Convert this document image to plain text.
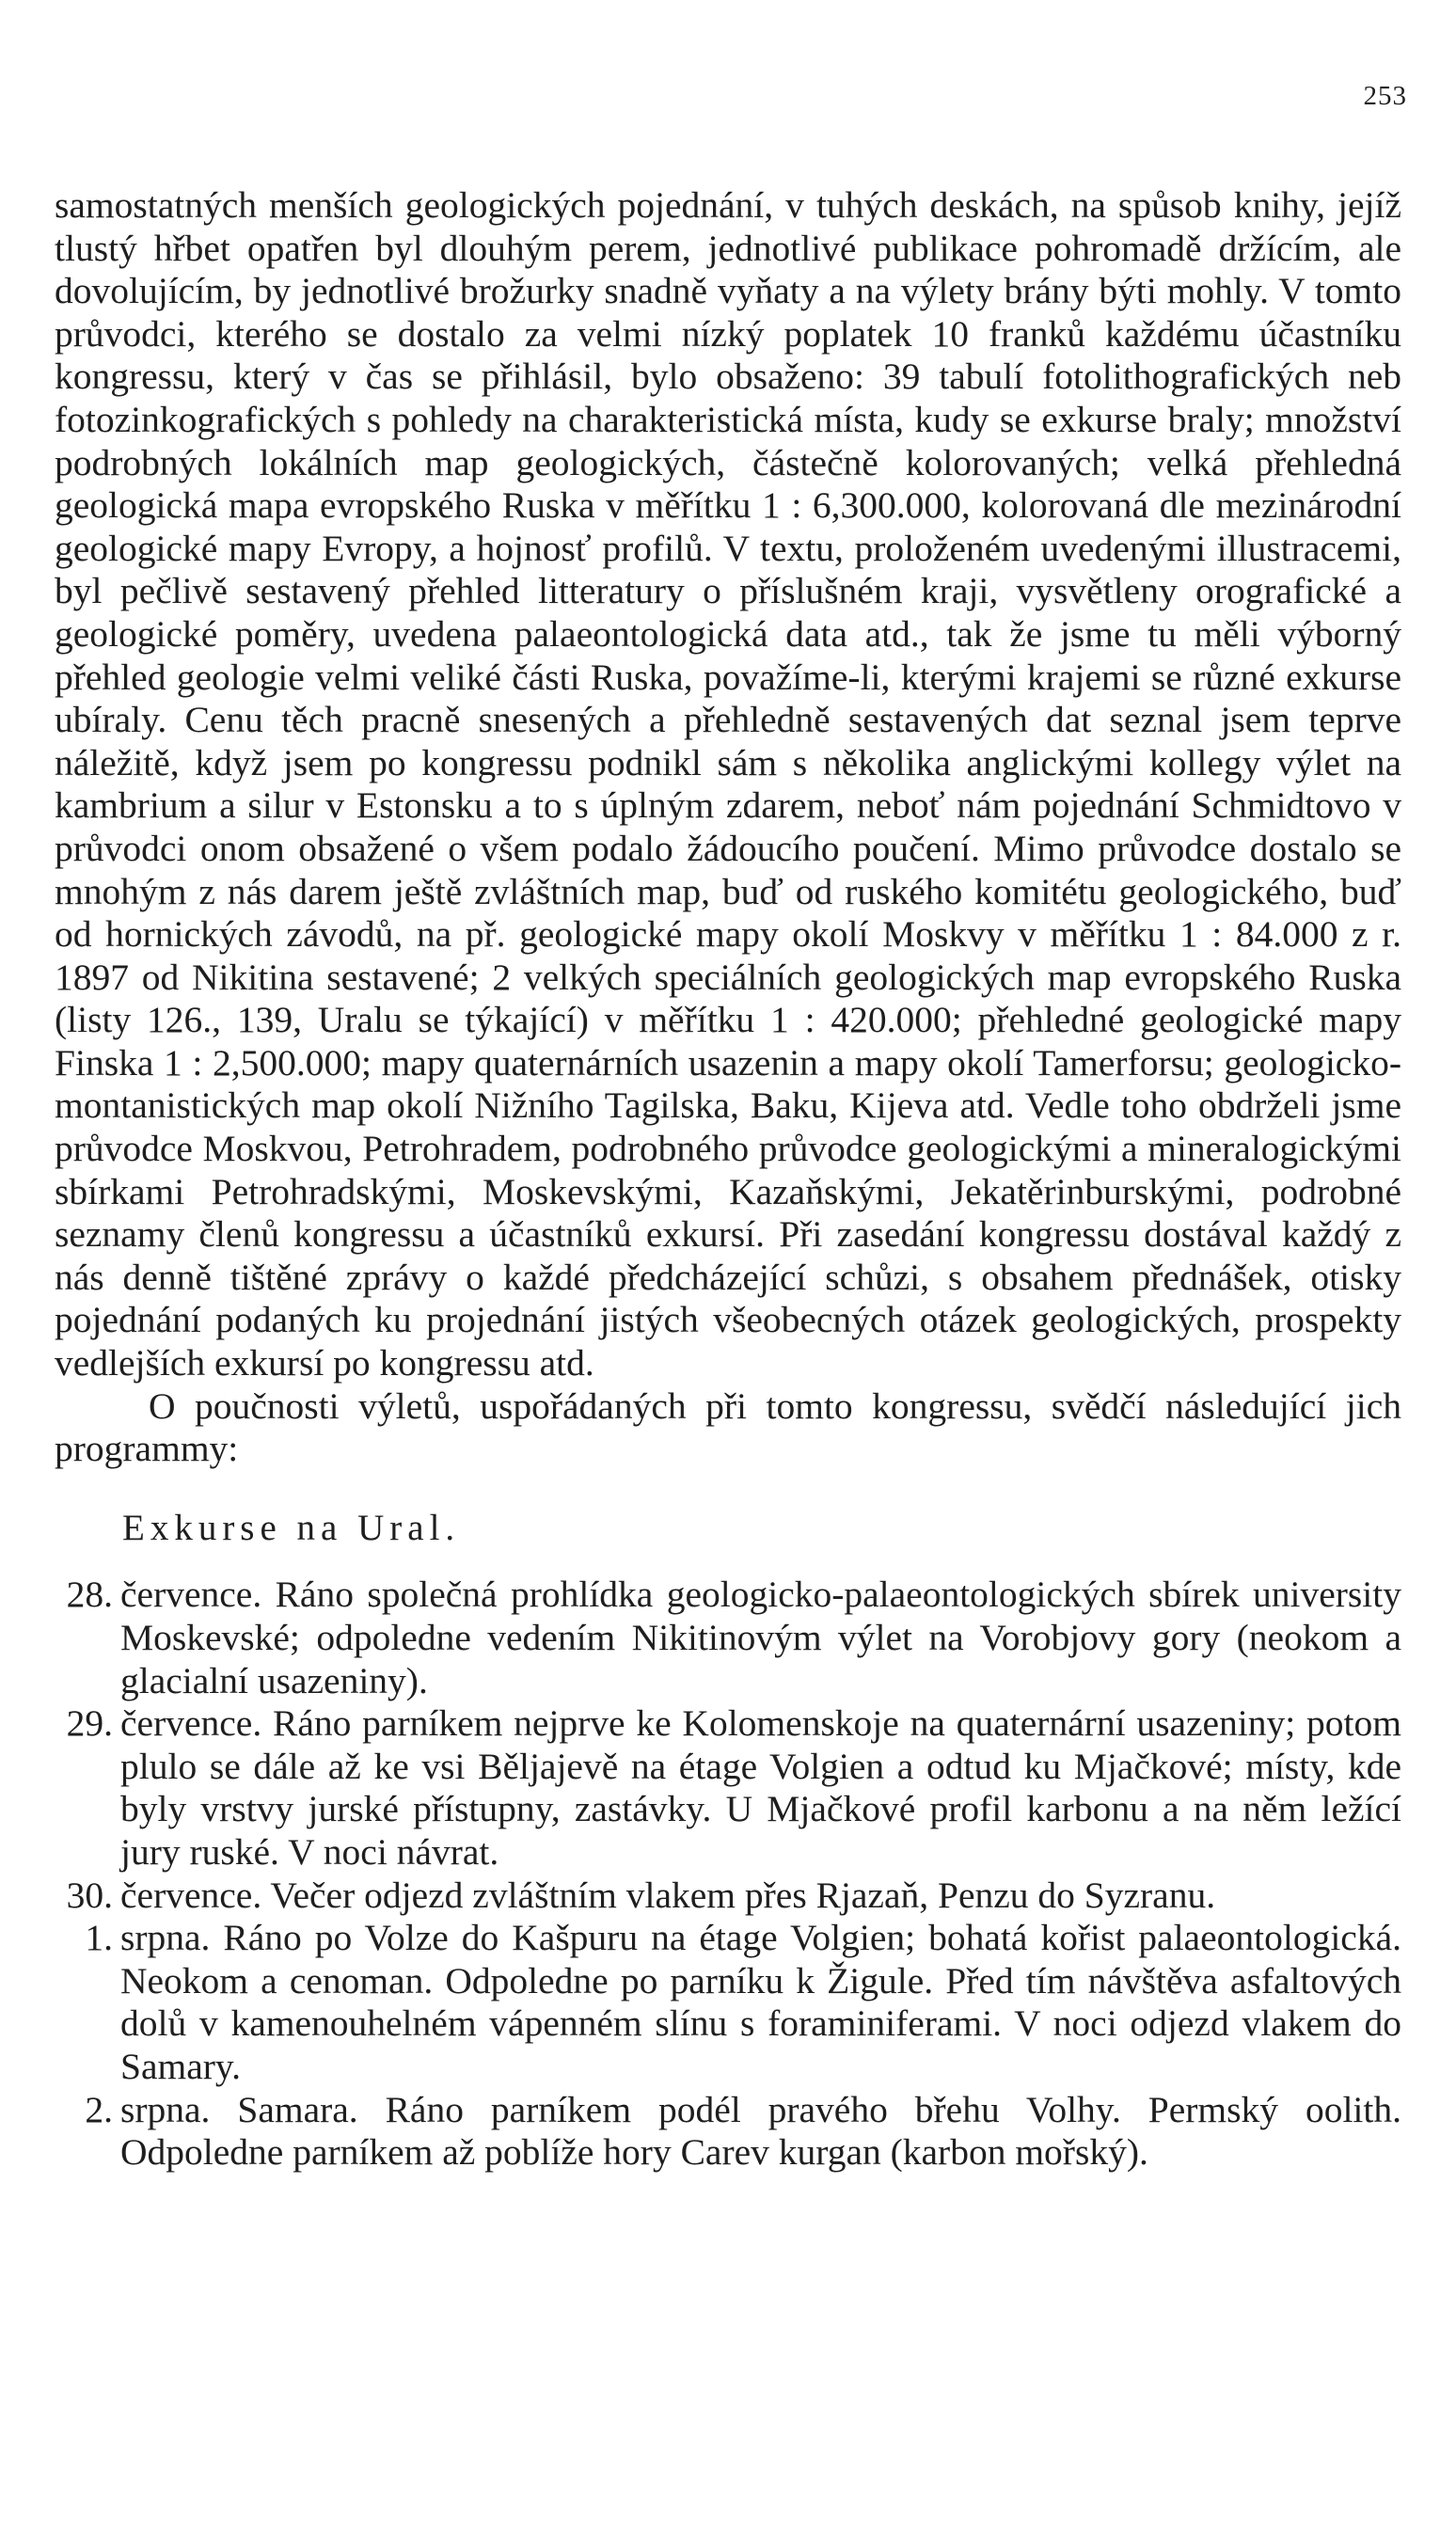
253

samostatných menších geologických pojednání, v tuhých deskách, na spůsob knihy, jejíž tlustý hřbet opatřen byl dlouhým perem, jednotlivé publikace pohromadě držícím, ale dovolujícím, by jednotlivé brožurky snadně vyňaty a na výlety brány býti mohly. V tomto průvodci, kterého se dostalo za velmi nízký poplatek 10 franků každému účastníku kongressu, který v čas se přihlásil, bylo obsaženo: 39 tabulí fotolithografických neb fotozinkografických s pohledy na charakteristická místa, kudy se exkurse braly; množství podrobných lokálních map geologických, částečně kolorovaných; velká přehledná geologická mapa evropského Ruska v měřítku 1 : 6,300.000, kolorovaná dle mezinárodní geologické mapy Evropy, a hojnosť profilů. V textu, proloženém uvedenými illustracemi, byl pečlivě sestavený přehled litteratury o příslušném kraji, vysvětleny orografické a geologické poměry, uvedena palaeontologická data atd., tak že jsme tu měli výborný přehled geologie velmi veliké části Ruska, považíme-li, kterými krajemi se různé exkurse ubíraly. Cenu těch pracně snesených a přehledně sestavených dat seznal jsem teprve náležitě, když jsem po kongressu podnikl sám s několika anglickými kollegy výlet na kambrium a silur v Estonsku a to s úplným zdarem, neboť nám pojednání Schmidtovo v průvodci onom obsažené o všem podalo žádoucího poučení. Mimo průvodce dostalo se mnohým z nás darem ještě zvláštních map, buď od ruského komitétu geologického, buď od hornických závodů, na př. geologické mapy okolí Moskvy v měřítku 1 : 84.000 z r. 1897 od Nikitina sestavené; 2 velkých speciálních geologických map evropského Ruska (listy 126., 139, Uralu se týkající) v měřítku 1 : 420.000; přehledné geologické mapy Finska 1 : 2,500.000; mapy quaternárních usazenin a mapy okolí Tamerforsu; geologicko-montanistických map okolí Nižního Tagilska, Baku, Kijeva atd. Vedle toho obdrželi jsme průvodce Moskvou, Petrohradem, podrobného průvodce geologickými a mineralogickými sbírkami Petrohradskými, Moskevskými, Kazaňskými, Jekatěrinburskými, podrobné seznamy členů kongressu a účastníků exkursí. Při zasedání kongressu dostával každý z nás denně tištěné zprávy o každé předcházející schůzi, s obsahem přednášek, otisky pojednání podaných ku projednání jistých všeobecných otázek geologických, prospekty vedlejších exkursí po kongressu atd.

O poučnosti výletů, uspořádaných při tomto kongressu, svědčí následující jich programmy:

Exkurse na Ural.
28. července. Ráno společná prohlídka geologicko-palaeontologických sbírek university Moskevské; odpoledne vedením Nikitinovým výlet na Vorobjovy gory (neokom a glacialní usazeniny).
29. července. Ráno parníkem nejprve ke Kolomenskoje na quaternární usazeniny; potom plulo se dále až ke vsi Běljajevě na étage Volgien a odtud ku Mjačkové; místy, kde byly vrstvy jurské přístupny, zastávky. U Mjačkové profil karbonu a na něm ležící jury ruské. V noci návrat.
30. července. Večer odjezd zvláštním vlakem přes Rjazaň, Penzu do Syzranu.
1. srpna. Ráno po Volze do Kašpuru na étage Volgien; bohatá kořist palaeontologická. Neokom a cenoman. Odpoledne po parníku k Žigule. Před tím návštěva asfaltových dolů v kamenouhelném vápenném slínu s foraminiferami. V noci odjezd vlakem do Samary.
2. srpna. Samara. Ráno parníkem podél pravého břehu Volhy. Permský oolith. Odpoledne parníkem až poblíže hory Carev kurgan (karbon mořský).
